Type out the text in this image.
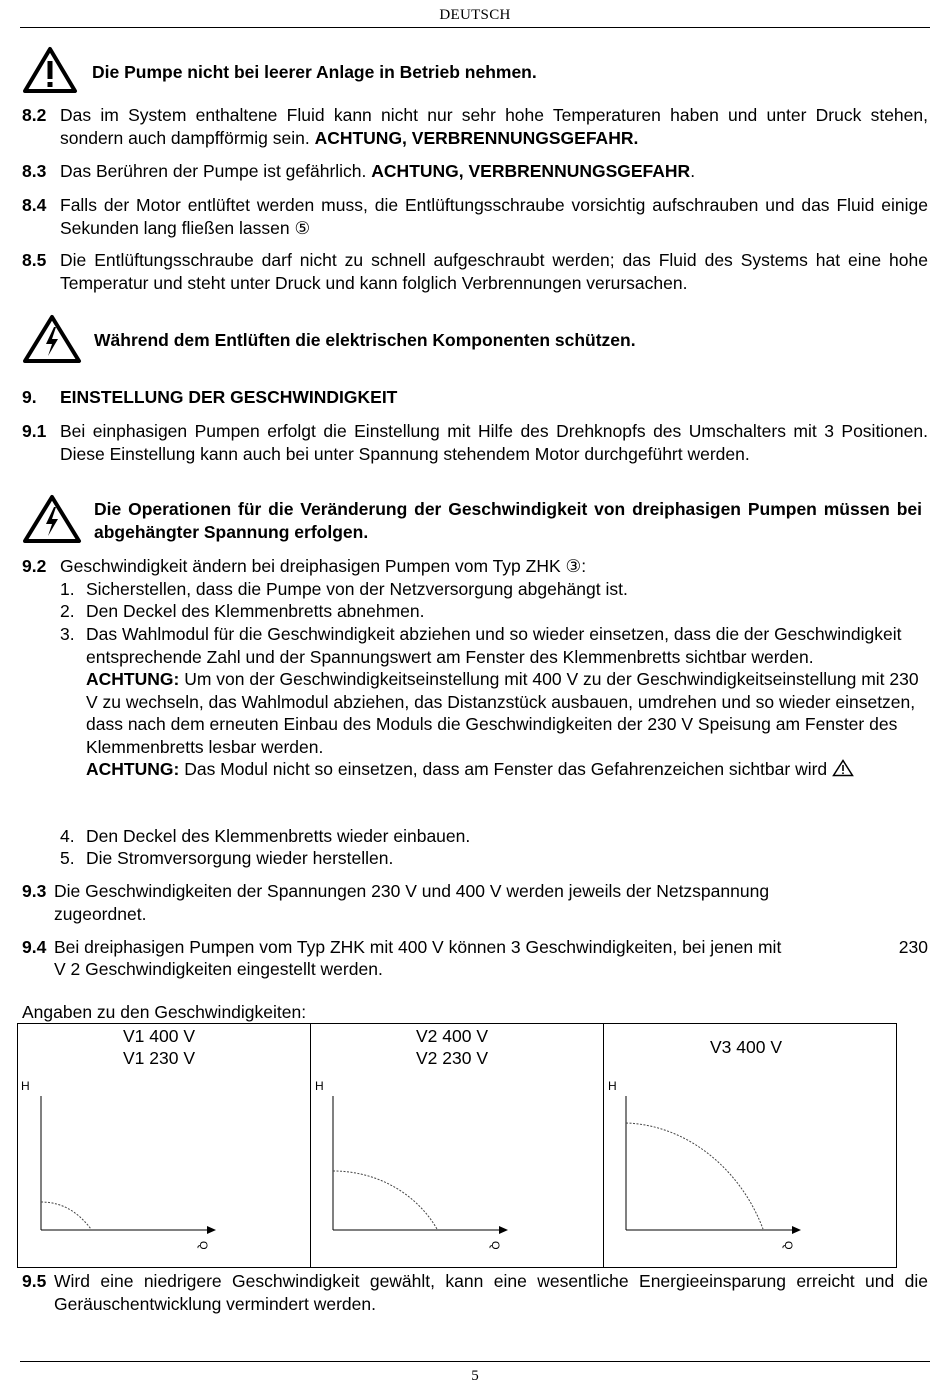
DEUTSCH
Die Pumpe nicht bei leerer Anlage in Betrieb nehmen.
8.2 Das im System enthaltene Fluid kann nicht nur sehr hohe Temperaturen haben und unter Druck stehen, sondern auch dampfförmig sein. ACHTUNG, VERBRENNUNGSGEFAHR.
8.3 Das Berühren der Pumpe ist gefährlich. ACHTUNG, VERBRENNUNGSGEFAHR.
8.4 Falls der Motor entlüftet werden muss, die Entlüftungsschraube vorsichtig aufschrauben und das Fluid einige Sekunden lang fließen lassen ⑤
8.5 Die Entlüftungsschraube darf nicht zu schnell aufgeschraubt werden; das Fluid des Systems hat eine hohe Temperatur und steht unter Druck und kann folglich Verbrennungen verursachen.
Während dem Entlüften die elektrischen Komponenten schützen.
9. EINSTELLUNG DER GESCHWINDIGKEIT
9.1 Bei einphasigen Pumpen erfolgt die Einstellung mit Hilfe des Drehknopfs des Umschalters mit 3 Positionen. Diese Einstellung kann auch bei unter Spannung stehendem Motor durchgeführt werden.
Die Operationen für die Veränderung der Geschwindigkeit von dreiphasigen Pumpen müssen bei abgehängter Spannung erfolgen.
9.2 Geschwindigkeit ändern bei dreiphasigen Pumpen vom Typ ZHK ③:
1. Sicherstellen, dass die Pumpe von der Netzversorgung abgehängt ist.
2. Den Deckel des Klemmenbretts abnehmen.
3. Das Wahlmodul für die Geschwindigkeit abziehen und so wieder einsetzen, dass die der Geschwindigkeit entsprechende Zahl und der Spannungswert am Fenster des Klemmenbretts sichtbar werden.
ACHTUNG: Um von der Geschwindigkeitseinstellung mit 400 V zu der Geschwindigkeitseinstellung mit 230 V zu wechseln, das Wahlmodul abziehen, das Distanzstück ausbauen, umdrehen und so wieder einsetzen, dass nach dem erneuten Einbau des Moduls die Geschwindigkeiten der 230 V Speisung am Fenster des Klemmenbretts lesbar werden.
ACHTUNG: Das Modul nicht so einsetzen, dass am Fenster das Gefahrenzeichen sichtbar wird
4. Den Deckel des Klemmenbretts wieder einbauen.
5. Die Stromversorgung wieder herstellen.
9.3 Die Geschwindigkeiten der Spannungen 230 V und 400 V werden jeweils der Netzspannung zugeordnet.
9.4 Bei dreiphasigen Pumpen vom Typ ZHK mit 400 V können 3 Geschwindigkeiten, bei jenen mit	230
V 2 Geschwindigkeiten eingestellt werden.
Angaben zu den Geschwindigkeiten:
V1 400 V
V1 230 V
H
Q
V2 400 V
V2 230 V
H
Q
V3 400 V
H
Q
9.5 Wird eine niedrigere Geschwindigkeit gewählt, kann eine wesentliche Energieeinsparung erreicht und die Geräuschentwicklung vermindert werden.
5
